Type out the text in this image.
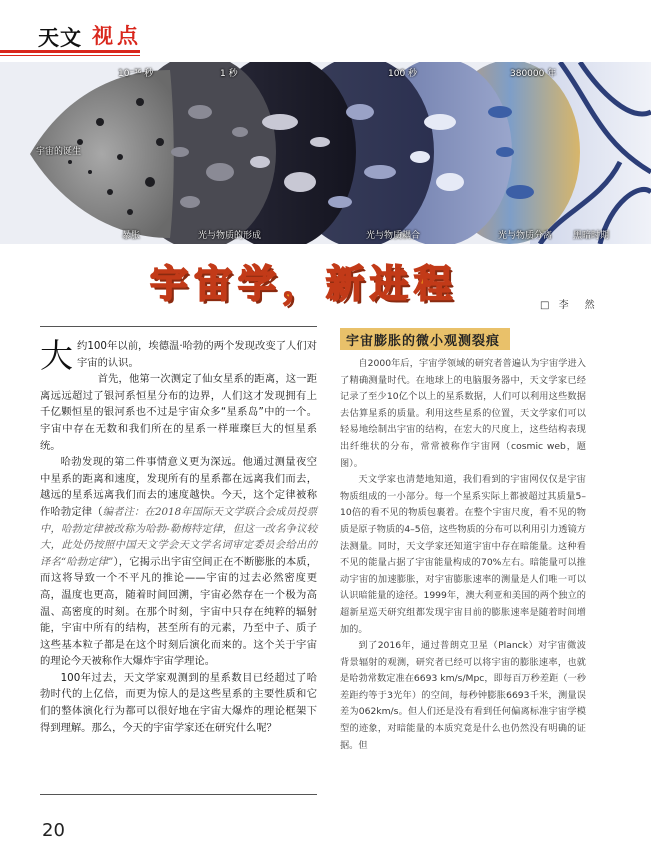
天文 视点
10⁻³⁶ 秒	1 秒	100 秒	380000 年
宇宙的诞生
暴胀	光与物质的形成	光与物质耦合	光与物质分离 黑暗时期
宇宙学，新进程	□ 李　然

大约100年以前，埃德温·哈勃的两个发现改变了人们对宇宙的认识。

首先，他第一次测定了仙女星系的距离，这一距离远远超过了银河系恒星分布的边界，人们这才发现拥有上千亿颗恒星的银河系也不过是宇宙众多“星系岛”中的一个。宇宙中存在无数和我们所在的星系一样璀璨巨大的恒星系统。

哈勃发现的第二件事情意义更为深远。他通过测量夜空中星系的距离和速度，发现所有的星系都在远离我们而去，越远的星系远离我们而去的速度越快。今天，这个定律被称作哈勃定律（编者注：在2018年国际天文学联合会成员投票中，哈勃定律被改称为哈勃-勒梅特定律，但这一改名争议较大，此处仍按照中国天文学会天文学名词审定委员会给出的译名“哈勃定律”），它揭示出宇宙空间正在不断膨胀的本质，而这将导致一个不平凡的推论——宇宙的过去必然密度更高，温度也更高，随着时间回溯，宇宙必然存在一个极为高温、高密度的时刻。在那个时刻，宇宙中只存在纯粹的辐射能，宇宙中所有的结构，甚至所有的元素，乃至中子、质子这些基本粒子都是在这个时刻后演化而来的。这个关于宇宙的理论今天被称作大爆炸宇宙学理论。

100年过去，天文学家观测到的星系数目已经超过了哈勃时代的上亿倍，而更为惊人的是这些星系的主要性质和它们的整体演化行为都可以很好地在宇宙大爆炸的理论框架下得到理解。那么，今天的宇宙学家还在研究什么呢？

宇宙膨胀的微小观测裂痕

自2000年后，宇宙学领域的研究者普遍认为宇宙学进入了精确测量时代。在地球上的电脑服务器中，天文学家已经记录了至少10亿个以上的星系数据，人们可以利用这些数据去估算星系的质量。利用这些星系的位置，天文学家们可以轻易地绘制出宇宙的结构，在宏大的尺度上，这些结构表现出纤维状的分布，常常被称作宇宙网（cosmic web，题图）。

天文学家也清楚地知道，我们看到的宇宙网仅仅是宇宙物质组成的一小部分。每一个星系实际上都被超过其质量5–10倍的看不见的物质包裹着。在整个宇宙尺度，看不见的物质是原子物质的4–5倍，这些物质的分布可以利用引力透镜方法测量。同时，天文学家还知道宇宙中存在暗能量。这种看不见的能量占据了宇宙能量构成的70%左右。暗能量可以推动宇宙的加速膨胀，对宇宙膨胀速率的测量是人们唯一可以认识暗能量的途径。1999年，澳大利亚和美国的两个独立的超新星巡天研究组都发现宇宙目前的膨胀速率是随着时间增加的。

到了2016年，通过普朗克卫星（Planck）对宇宙微波背景辐射的观测，研究者已经可以将宇宙的膨胀速率，也就是哈勃常数定准在6693 km/s/Mpc，即每百万秒差距（一秒差距约等于3光年）的空间，每秒钟膨胀6693千米，测量误差为062km/s。但人们还是没有看到任何偏离标准宇宙学模型的迹象，对暗能量的本质究竟是什么也仍然没有明确的证据。但

20
